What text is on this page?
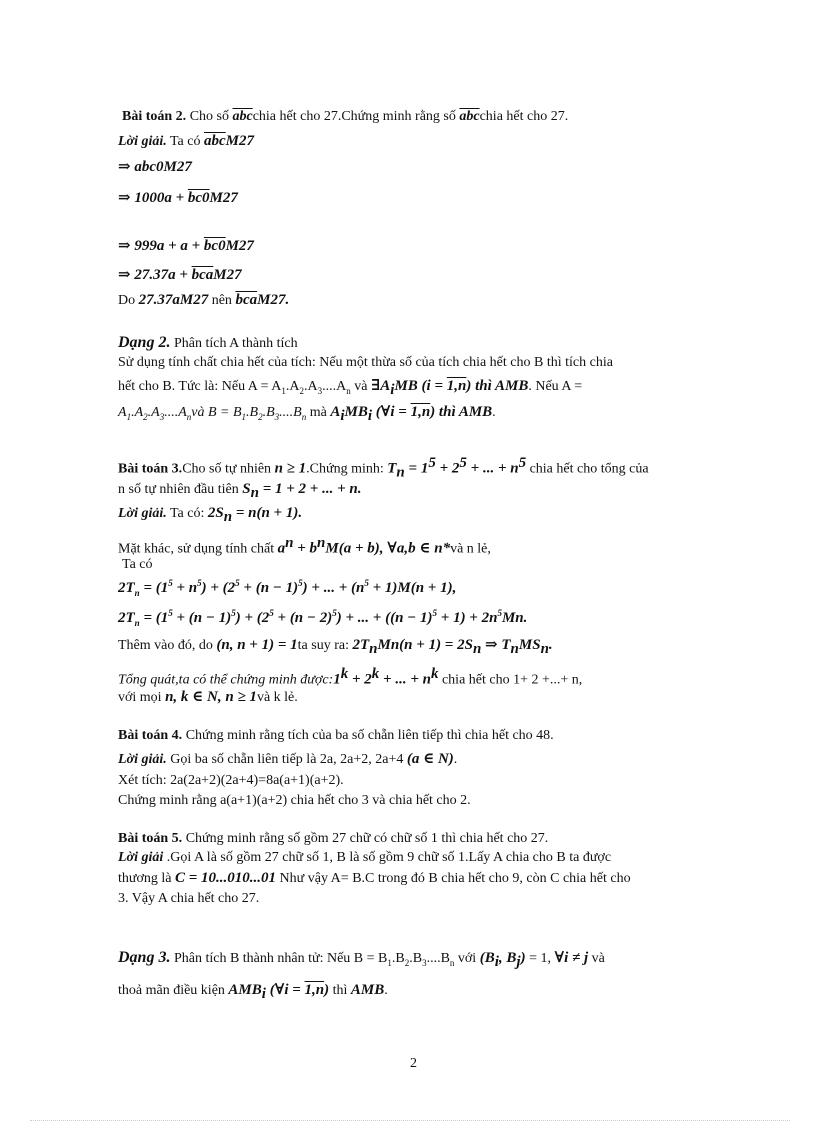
Bài toán 2. Cho số $\overline{abc}chia$ hết cho 27.Chứng minh rằng số $\overline{abc}chia$ hết cho 27.
Lời giải. Ta có $\overline{abc}M27$
⇒ abc0M27
⇒ 1000a + bc0M27
⇒ 999a + a + bc0M27
⇒ $27.37a + \overline{bca}M27$
Do 27.37aM27 nên $\overline{bca}M27$.
Dạng 2. Phân tích A thành tích
Sử dụng tính chất chia hết của tích: Nếu một thừa số của tích chia hết cho B thì tích chia
hết cho B. Tức là: Nếu $A = A_1.A_2.A_3....A_n$ và $\exists A_iMB$ (i = 1,n) thì AMB. Nếu A =
$A_1.A_2.A_3....A_nvà$ $B = B_1.B_2.B_3....B_n$ mà $A_iMB_i$ (∀i = 1,n) thì AMB.
Bài toán 3.Cho số tự nhiên n ≥ 1.Chứng minh: $T_n = 1^5 + 2^5$ + ... + $n^5$ chia hết cho tổng của
n số tự nhiên đầu tiên $S_n = 1 + 2$ + ... + n.
Lời giải. Ta có: $2S_n = n(n + 1)$.
Mặt khác, sử dụng tính chất $a^n + b^nM(a + b)$, ∀a,b ∈ n*và n lẻ,
Ta có
$2T_n = (1^5 + n^5) + (2^5 + (n - 1)^5)$ + ... + $(n^5 + 1)M(n + 1)$,
$2T_n = (1^5 + (n - 1)^5) + (2^5 + (n - 2)^5)$ + ... + $((n - 1)^5 + 1) + 2n^5Mn$.
Thêm vào đó, do (n, n + 1) = 1ta suy ra: $2T_nMn(n + 1) = 2S_n$ ⇒ $T_nMS_n$.
Tổng quát,ta có thể chứng minh $được:1^k + 2^k$ + ... + $n^k$ chia hết cho 1+ 2 +...+ n,
với mọi n, k ∈ N, n ≥ 1và k lẻ.
Bài toán 4. Chứng minh rằng tích của ba số chẵn liên tiếp thì chia hết cho 48.
Lời giải. Gọi ba số chẵn liên tiếp là 2a, 2a+2, 2a+4 (a ∈ N).
Xét tích: 2a(2a+2)(2a+4)=8a(a+1)(a+2).
Chứng minh rằng a(a+1)(a+2) chia hết cho 3 và chia hết cho 2.
Bài toán 5. Chứng minh rằng số gồm 27 chữ có chữ số 1 thì chia hết cho 27.
Lời giải .Gọi A là số gồm 27 chữ số 1, B là số gồm 9 chữ số 1.Lấy A chia cho B ta được
thương là C = 10...010...01 Như vậy A= B.C trong đó B chia hết cho 9, còn C chia hết cho
3. Vậy A chia hết cho 27.
Dạng 3. Phân tích B thành nhân tử: Nếu $B = B_1.B_2.B_3....B_n$ với ($B_i$, $B_j) = 1$, ∀i ≠ j và
thoả mãn điều kiện $AMB_i$ (∀i = 1,n) thì AMB.
2
